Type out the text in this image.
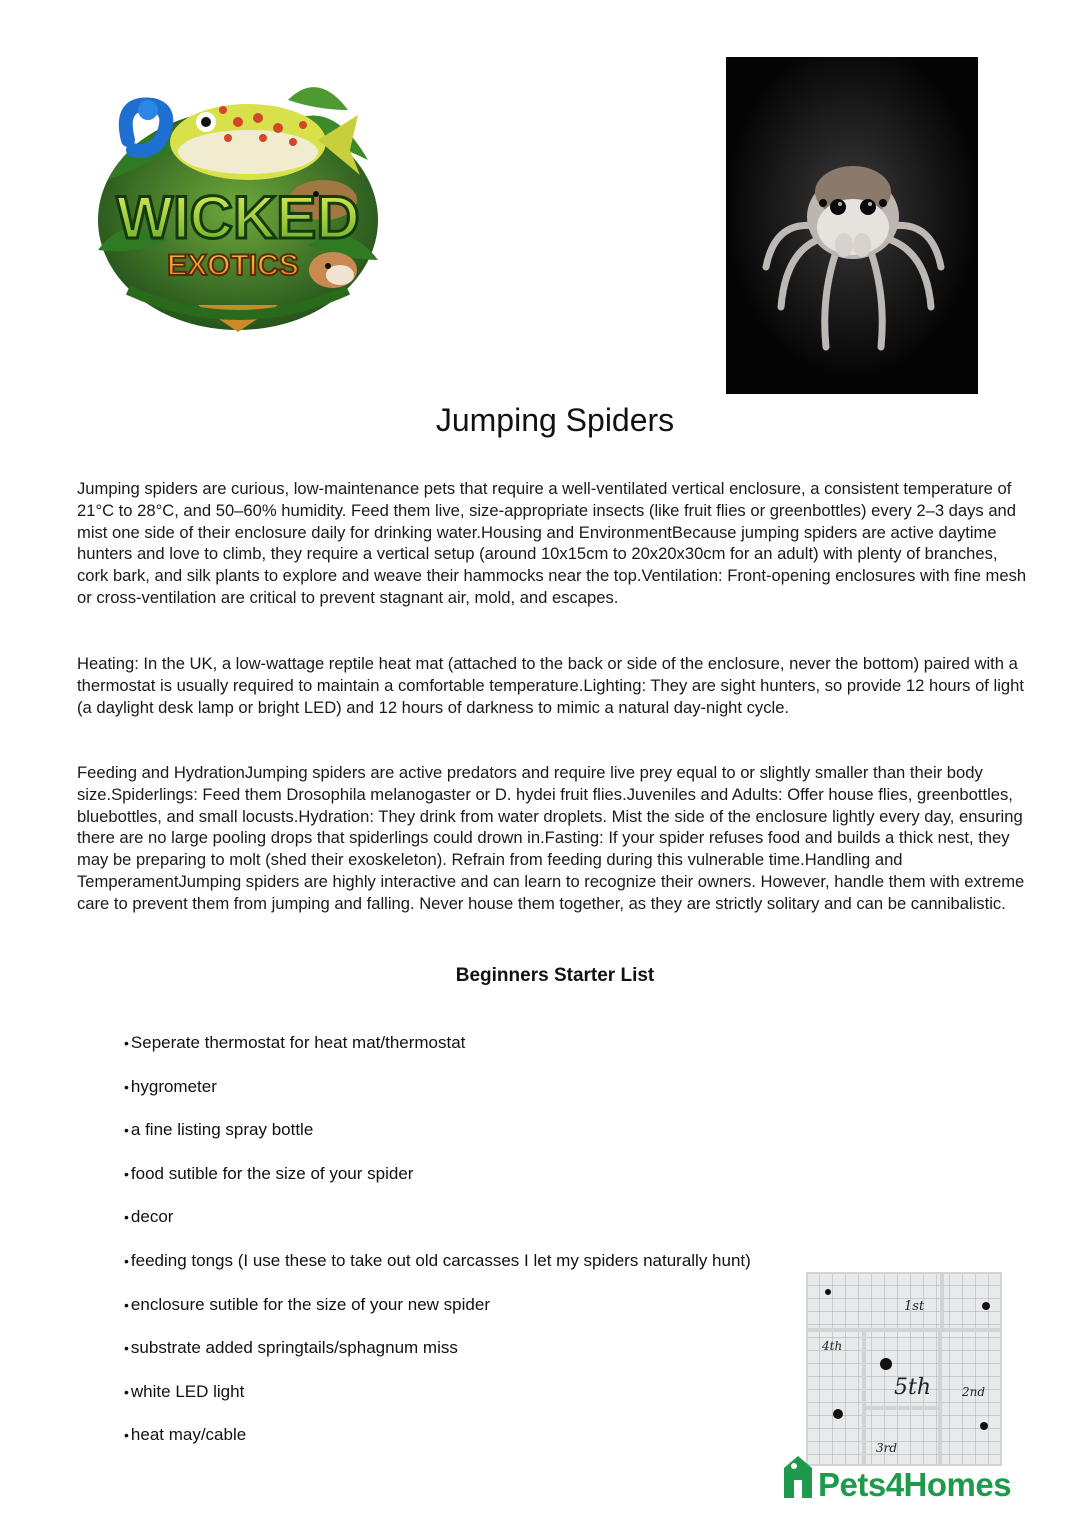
WICKED
EXOTICS
Jumping Spiders

Jumping spiders are curious, low-maintenance pets that require a well-ventilated vertical enclosure, a consistent temperature of 21°C to 28°C, and 50–60% humidity. Feed them live, size-appropriate insects (like fruit flies or greenbottles) every 2–3 days and mist one side of their enclosure daily for drinking water.Housing and EnvironmentBecause jumping spiders are active daytime hunters and love to climb, they require a vertical setup (around 10x15cm to 20x20x30cm for an adult) with plenty of branches, cork bark, and silk plants to explore and weave their hammocks near the top.Ventilation: Front-opening enclosures with fine mesh or cross-ventilation are critical to prevent stagnant air, mold, and escapes.

Heating: In the UK, a low-wattage reptile heat mat (attached to the back or side of the enclosure, never the bottom) paired with a thermostat is usually required to maintain a comfortable temperature.Lighting: They are sight hunters, so provide 12 hours of light (a daylight desk lamp or bright LED) and 12 hours of darkness to mimic a natural day-night cycle.

Feeding and HydrationJumping spiders are active predators and require live prey equal to or slightly smaller than their body size.Spiderlings: Feed them Drosophila melanogaster or D. hydei fruit flies.Juveniles and Adults: Offer house flies, greenbottles, bluebottles, and small locusts.Hydration: They drink from water droplets. Mist the side of the enclosure lightly every day, ensuring there are no large pooling drops that spiderlings could drown in.Fasting: If your spider refuses food and builds a thick nest, they may be preparing to molt (shed their exoskeleton). Refrain from feeding during this vulnerable time.Handling and TemperamentJumping spiders are highly interactive and can learn to recognize their owners. However, handle them with extreme care to prevent them from jumping and falling. Never house them together, as they are strictly solitary and can be cannibalistic.

Beginners Starter List
• Seperate thermostat for heat mat/thermostat
• hygrometer
• a fine listing spray bottle
• food sutible for the size of your spider
• decor
• feeding tongs (I use these to take out old carcasses I let my spiders naturally hunt)
• enclosure sutible for the size of your new spider
• substrate added springtails/sphagnum miss
• white LED light
• heat may/cable
1st
2nd
3rd
4th
5th
Pets4Homes
